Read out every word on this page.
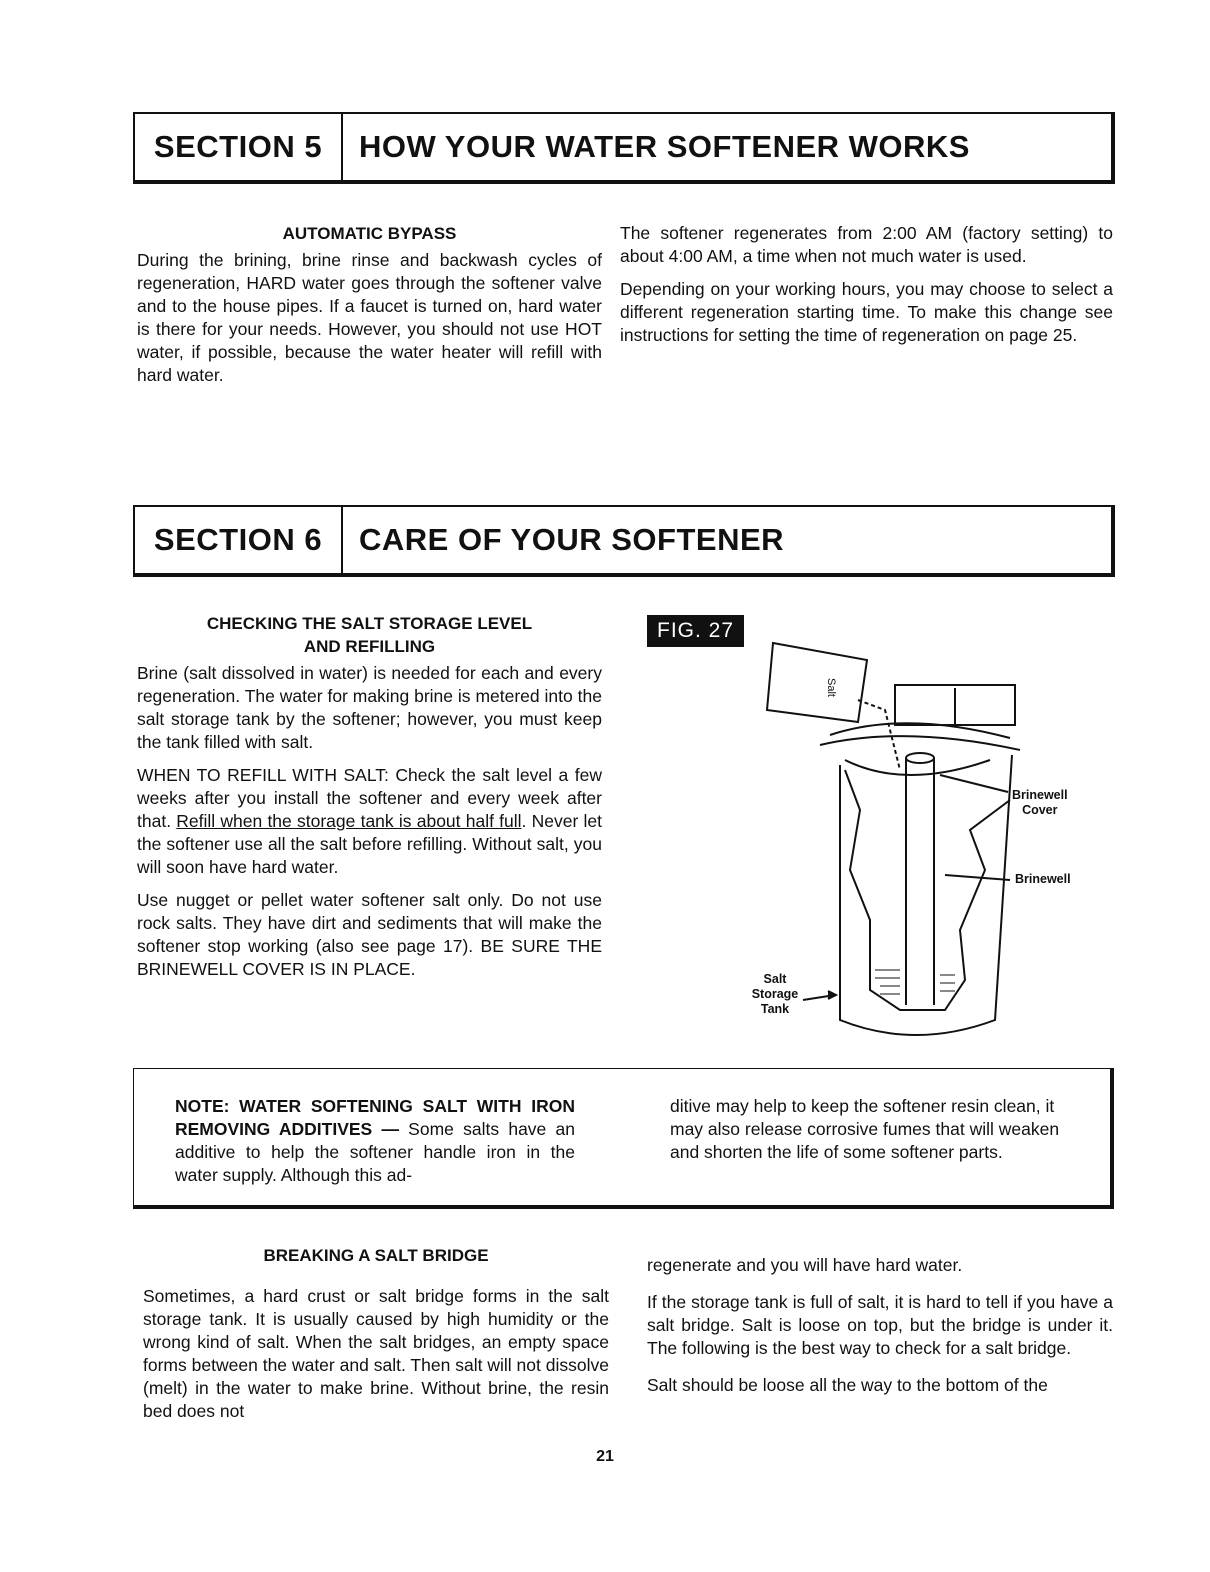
SECTION 5	HOW YOUR WATER SOFTENER WORKS
AUTOMATIC BYPASS

During the brining, brine rinse and backwash cycles of regeneration, HARD water goes through the softener valve and to the house pipes. If a faucet is turned on, hard water is there for your needs. However, you should not use HOT water, if possible, because the water heater will refill with hard water.

The softener regenerates from 2:00 AM (factory setting) to about 4:00 AM, a time when not much water is used.

Depending on your working hours, you may choose to select a different regeneration starting time. To make this change see instructions for setting the time of regeneration on page 25.

SECTION 6	CARE OF YOUR SOFTENER
CHECKING THE SALT STORAGE LEVEL
AND REFILLING

Brine (salt dissolved in water) is needed for each and every regeneration. The water for making brine is metered into the salt storage tank by the softener; however, you must keep the tank filled with salt.

WHEN TO REFILL WITH SALT: Check the salt level a few weeks after you install the softener and every week after that. Refill when the storage tank is about half full. Never let the softener use all the salt before refilling. Without salt, you will soon have hard water.

Use nugget or pellet water softener salt only. Do not use rock salts. They have dirt and sediments that will make the softener stop working (also see page 17). BE SURE THE BRINEWELL COVER IS IN PLACE.

FIG. 27
Salt
Brinewell
Cover
Brinewell
Salt
Storage
Tank
NOTE: WATER SOFTENING SALT WITH IRON REMOVING ADDITIVES — Some salts have an additive to help the softener handle iron in the water supply. Although this ad-
ditive may help to keep the softener resin clean, it may also release corrosive fumes that will weaken and shorten the life of some softener parts.
BREAKING A SALT BRIDGE

Sometimes, a hard crust or salt bridge forms in the salt storage tank. It is usually caused by high humidity or the wrong kind of salt. When the salt bridges, an empty space forms between the water and salt. Then salt will not dissolve (melt) in the water to make brine. Without brine, the resin bed does not

regenerate and you will have hard water.

If the storage tank is full of salt, it is hard to tell if you have a salt bridge. Salt is loose on top, but the bridge is under it. The following is the best way to check for a salt bridge.

Salt should be loose all the way to the bottom of the

21
